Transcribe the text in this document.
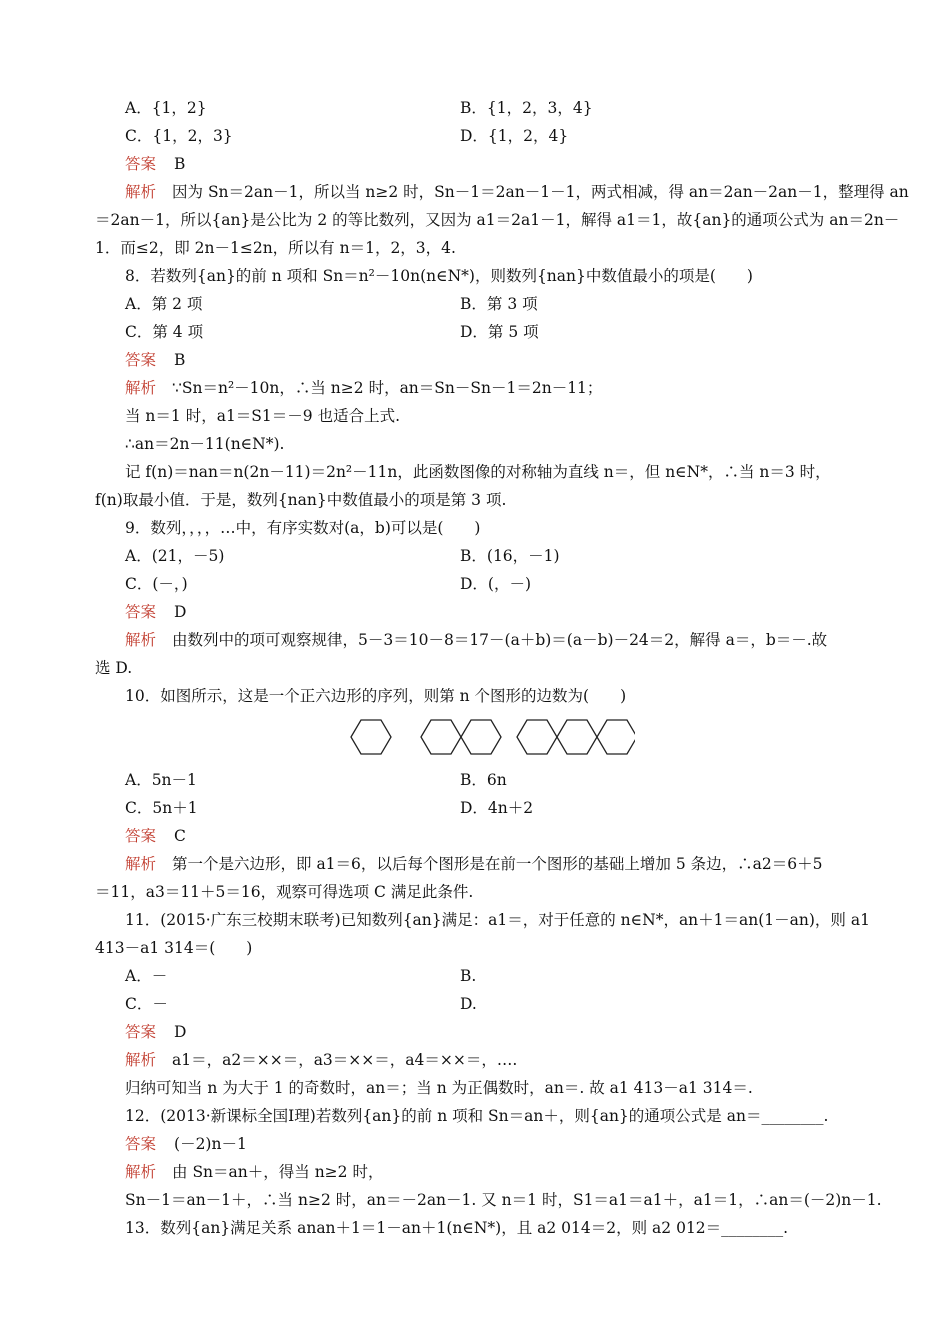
A．{1，2}	B．{1，2，3，4}
C．{1，2，3}	D．{1，2，4}
答案 B
解析 因为 Sn＝2an－1，所以当 n≥2 时，Sn－1＝2an－1－1，两式相减，得 an＝2an－2an－1，整理得 an
＝2an－1，所以{an}是公比为 2 的等比数列，又因为 a1＝2a1－1，解得 a1＝1，故{an}的通项公式为 an＝2n－
1．而≤2，即 2n－1≤2n，所以有 n＝1，2，3，4.
8．若数列{an}的前 n 项和 Sn＝n²－10n(n∈N*)，则数列{nan}中数值最小的项是(　　)
A．第 2 项	B．第 3 项
C．第 4 项	D．第 5 项
答案 B
解析 ∵Sn＝n²－10n，∴当 n≥2 时，an＝Sn－Sn－1＝2n－11；
当 n＝1 时，a1＝S1＝－9 也适合上式.
∴an＝2n－11(n∈N*).
记 f(n)＝nan＝n(2n－11)＝2n²－11n，此函数图像的对称轴为直线 n＝，但 n∈N*，∴当 n＝3 时，
f(n)取最小值．于是，数列{nan}中数值最小的项是第 3 项.
9．数列，，，，…中，有序实数对(a，b)可以是(　　)
A．(21，－5)	B．(16，－1)
C．(－，)	D．(，－)
答案 D
解析 由数列中的项可观察规律，5－3＝10－8＝17－(a＋b)＝(a－b)－24＝2，解得 a＝，b＝－.故
选 D.
10．如图所示，这是一个正六边形的序列，则第 n 个图形的边数为(　　)
A．5n－1	B．6n
C．5n＋1	D．4n＋2
答案 C
解析 第一个是六边形，即 a1＝6，以后每个图形是在前一个图形的基础上增加 5 条边，∴a2＝6＋5
＝11，a3＝11＋5＝16，观察可得选项 C 满足此条件.
11．(2015·广东三校期末联考)已知数列{an}满足：a1＝，对于任意的 n∈N*，an＋1＝an(1－an)，则 a1
413－a1 314＝(　　)
A．－	B.
C．－	D.
答案 D
解析 a1＝，a2＝××＝，a3＝××＝，a4＝××＝，….
归纳可知当 n 为大于 1 的奇数时，an＝；当 n 为正偶数时，an＝. 故 a1 413－a1 314＝.
12．(2013·新课标全国Ⅰ理)若数列{an}的前 n 项和 Sn＝an＋，则{an}的通项公式是 an＝________.
答案 (－2)n－1
解析 由 Sn＝an＋，得当 n≥2 时，
Sn－1＝an－1＋，∴当 n≥2 时，an＝－2an－1. 又 n＝1 时，S1＝a1＝a1＋，a1＝1，∴an＝(－2)n－1.
13．数列{an}满足关系 anan＋1＝1－an＋1(n∈N*)，且 a2 014＝2，则 a2 012＝________.
